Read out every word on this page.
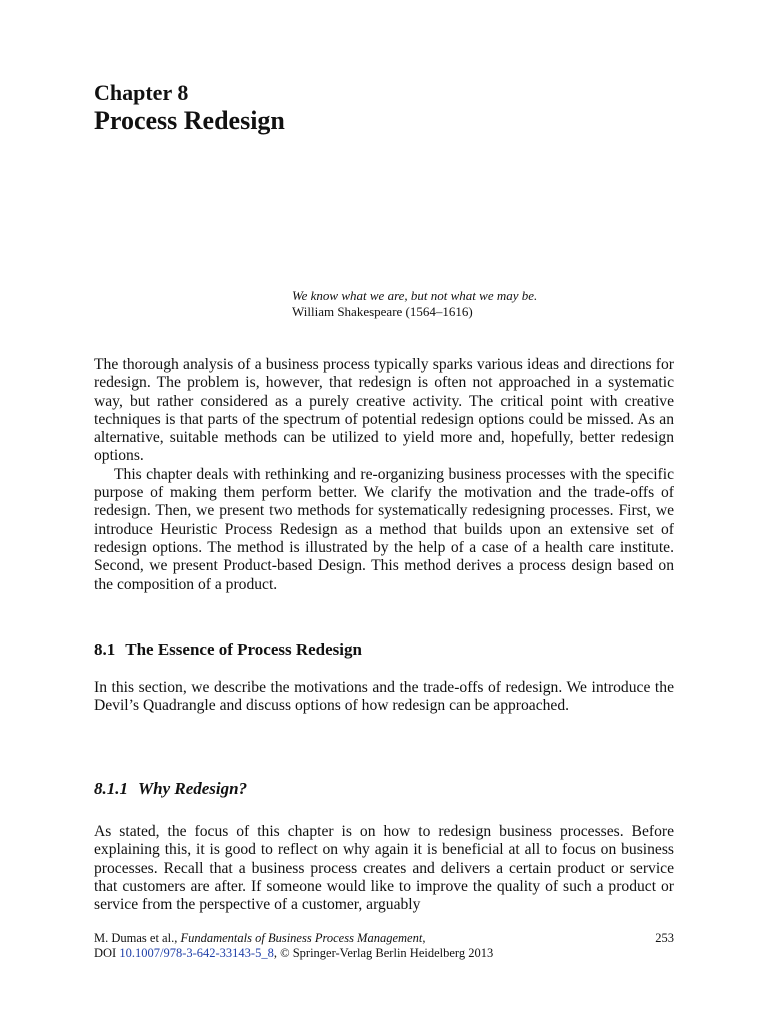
Chapter 8
Process Redesign
We know what we are, but not what we may be.
William Shakespeare (1564–1616)

The thorough analysis of a business process typically sparks various ideas and directions for redesign. The problem is, however, that redesign is often not approached in a systematic way, but rather considered as a purely creative activity. The critical point with creative techniques is that parts of the spectrum of potential redesign options could be missed. As an alternative, suitable methods can be utilized to yield more and, hopefully, better redesign options.

This chapter deals with rethinking and re-organizing business processes with the specific purpose of making them perform better. We clarify the motivation and the trade-offs of redesign. Then, we present two methods for systematically redesigning processes. First, we introduce Heuristic Process Redesign as a method that builds upon an extensive set of redesign options. The method is illustrated by the help of a case of a health care institute. Second, we present Product-based Design. This method derives a process design based on the composition of a product.

8.1 The Essence of Process Redesign

In this section, we describe the motivations and the trade-offs of redesign. We introduce the Devil’s Quadrangle and discuss options of how redesign can be approached.

8.1.1 Why Redesign?

As stated, the focus of this chapter is on how to redesign business processes. Before explaining this, it is good to reflect on why again it is beneficial at all to focus on business processes. Recall that a business process creates and delivers a certain product or service that customers are after. If someone would like to improve the quality of such a product or service from the perspective of a customer, arguably

M. Dumas et al., Fundamentals of Business Process Management,	253
DOI 10.1007/978-3-642-33143-5_8, © Springer-Verlag Berlin Heidelberg 2013
